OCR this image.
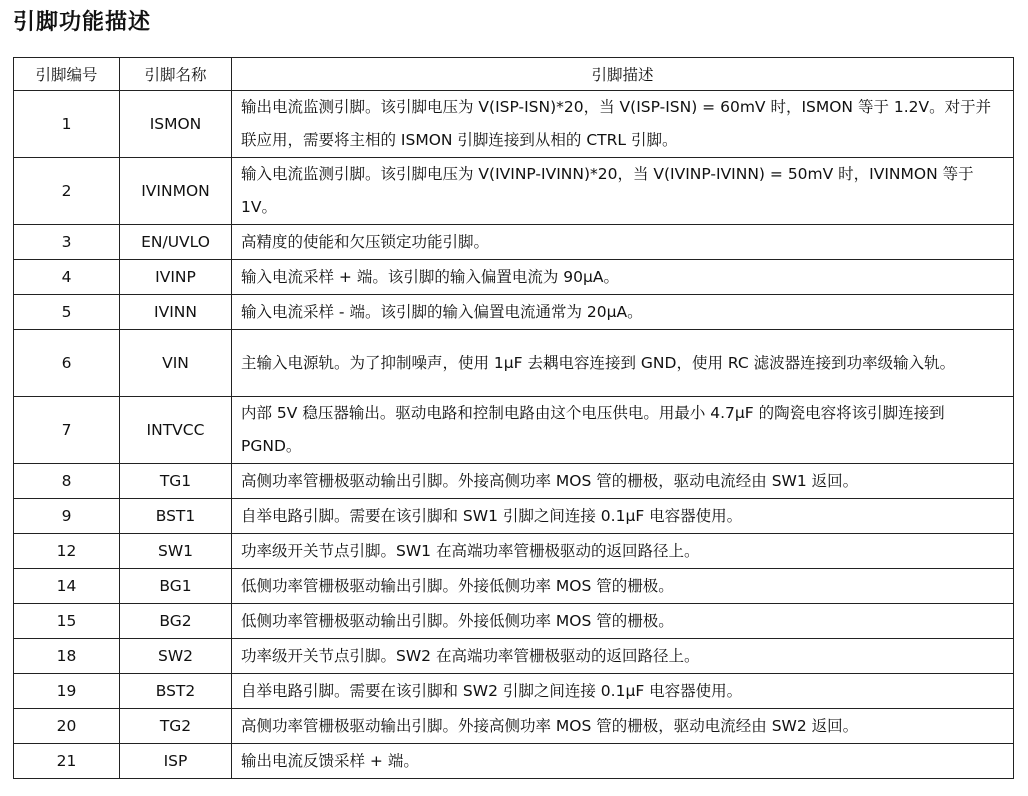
引脚功能描述
引脚编号	引脚名称	引脚描述
1	ISMON	输出电流监测引脚。该引脚电压为 V(ISP-ISN)*20，当 V(ISP-ISN) = 60mV 时，ISMON 等于 1.2V。对于并联应用，需要将主相的 ISMON 引脚连接到从相的 CTRL 引脚。
2	IVINMON	输入电流监测引脚。该引脚电压为 V(IVINP-IVINN)*20，当 V(IVINP-IVINN) = 50mV 时，IVINMON 等于 1V。
3	EN/UVLO	高精度的使能和欠压锁定功能引脚。
4	IVINP	输入电流采样 + 端。该引脚的输入偏置电流为 90μA。
5	IVINN	输入电流采样 - 端。该引脚的输入偏置电流通常为 20μA。
6	VIN	主输入电源轨。为了抑制噪声，使用 1μF 去耦电容连接到 GND，使用 RC 滤波器连接到功率级输入轨。
7	INTVCC	内部 5V 稳压器输出。驱动电路和控制电路由这个电压供电。用最小 4.7μF 的陶瓷电容将该引脚连接到 PGND。
8	TG1	高侧功率管栅极驱动输出引脚。外接高侧功率 MOS 管的栅极，驱动电流经由 SW1 返回。
9	BST1	自举电路引脚。需要在该引脚和 SW1 引脚之间连接 0.1μF 电容器使用。
12	SW1	功率级开关节点引脚。SW1 在高端功率管栅极驱动的返回路径上。
14	BG1	低侧功率管栅极驱动输出引脚。外接低侧功率 MOS 管的栅极。
15	BG2	低侧功率管栅极驱动输出引脚。外接低侧功率 MOS 管的栅极。
18	SW2	功率级开关节点引脚。SW2 在高端功率管栅极驱动的返回路径上。
19	BST2	自举电路引脚。需要在该引脚和 SW2 引脚之间连接 0.1μF 电容器使用。
20	TG2	高侧功率管栅极驱动输出引脚。外接高侧功率 MOS 管的栅极，驱动电流经由 SW2 返回。
21	ISP	输出电流反馈采样 + 端。
